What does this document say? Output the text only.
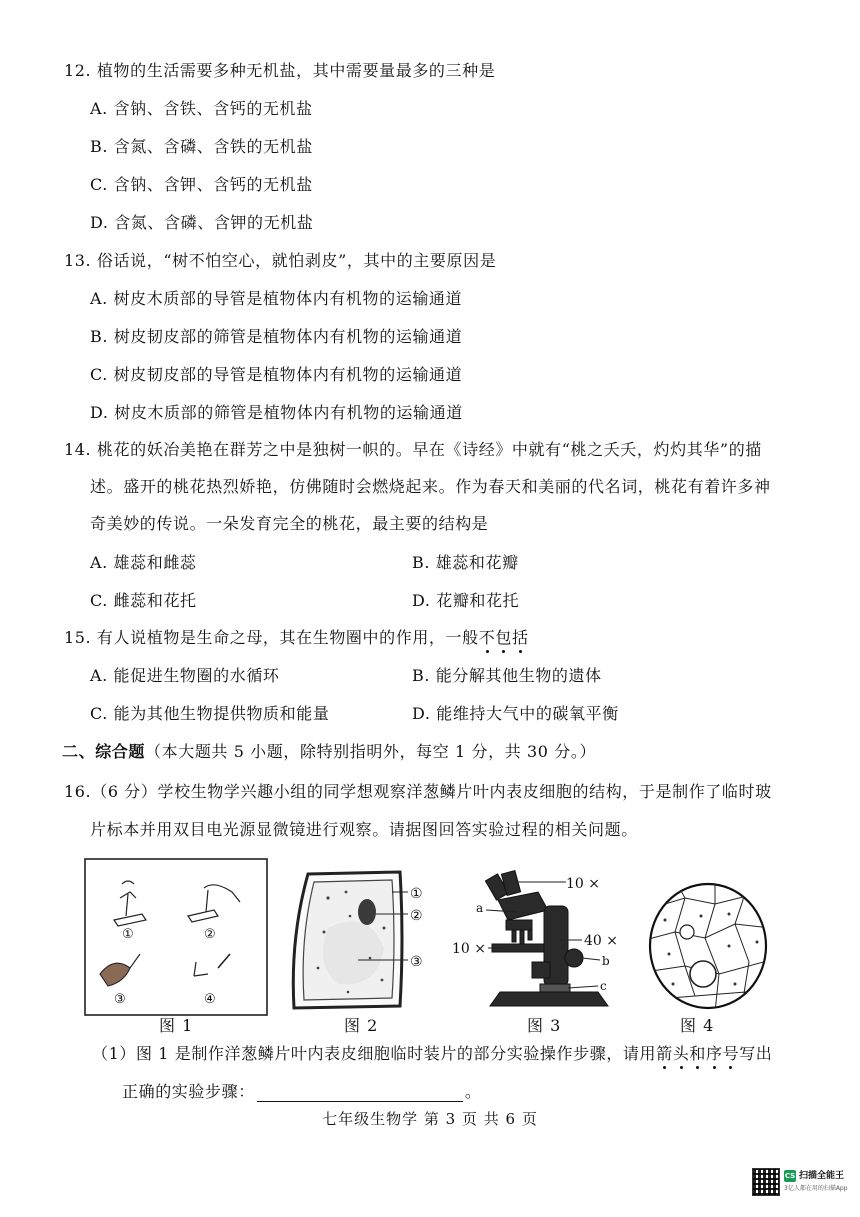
12. 植物的生活需要多种无机盐，其中需要量最多的三种是
A. 含钠、含铁、含钙的无机盐
B. 含氮、含磷、含铁的无机盐
C. 含钠、含钾、含钙的无机盐
D. 含氮、含磷、含钾的无机盐
13. 俗话说，“树不怕空心，就怕剥皮”，其中的主要原因是
A. 树皮木质部的导管是植物体内有机物的运输通道
B. 树皮韧皮部的筛管是植物体内有机物的运输通道
C. 树皮韧皮部的导管是植物体内有机物的运输通道
D. 树皮木质部的筛管是植物体内有机物的运输通道
14. 桃花的妖冶美艳在群芳之中是独树一帜的。早在《诗经》中就有“桃之夭夭，灼灼其华”的描
述。盛开的桃花热烈娇艳，仿佛随时会燃烧起来。作为春天和美丽的代名词，桃花有着许多神
奇美妙的传说。一朵发育完全的桃花，最主要的结构是
A. 雄蕊和雌蕊	B. 雄蕊和花瓣
C. 雌蕊和花托	D. 花瓣和花托
15. 有人说植物是生命之母，其在生物圈中的作用，一般不包括
A. 能促进生物圈的水循环	B. 能分解其他生物的遗体
C. 能为其他生物提供物质和能量	D. 能维持大气中的碳氧平衡
二、综合题（本大题共 5 小题，除特别指明外，每空 1 分，共 30 分。）
16.（6 分）学校生物学兴趣小组的同学想观察洋葱鳞片叶内表皮细胞的结构，于是制作了临时玻
片标本并用双目电光源显微镜进行观察。请据图回答实验过程的相关问题。
①	②
③	④
图 1
①
②
③
图 2
10 ×
a
40 ×
10 ×
b
c
图 3	图 4
（1）图 1 是制作洋葱鳞片叶内表皮细胞临时装片的部分实验操作步骤，请用箭头和序号写出
正确的实验步骤：	。
七年级生物学 第 3 页 共 6 页
CS 扫描全能王
3亿人都在用的扫描App
